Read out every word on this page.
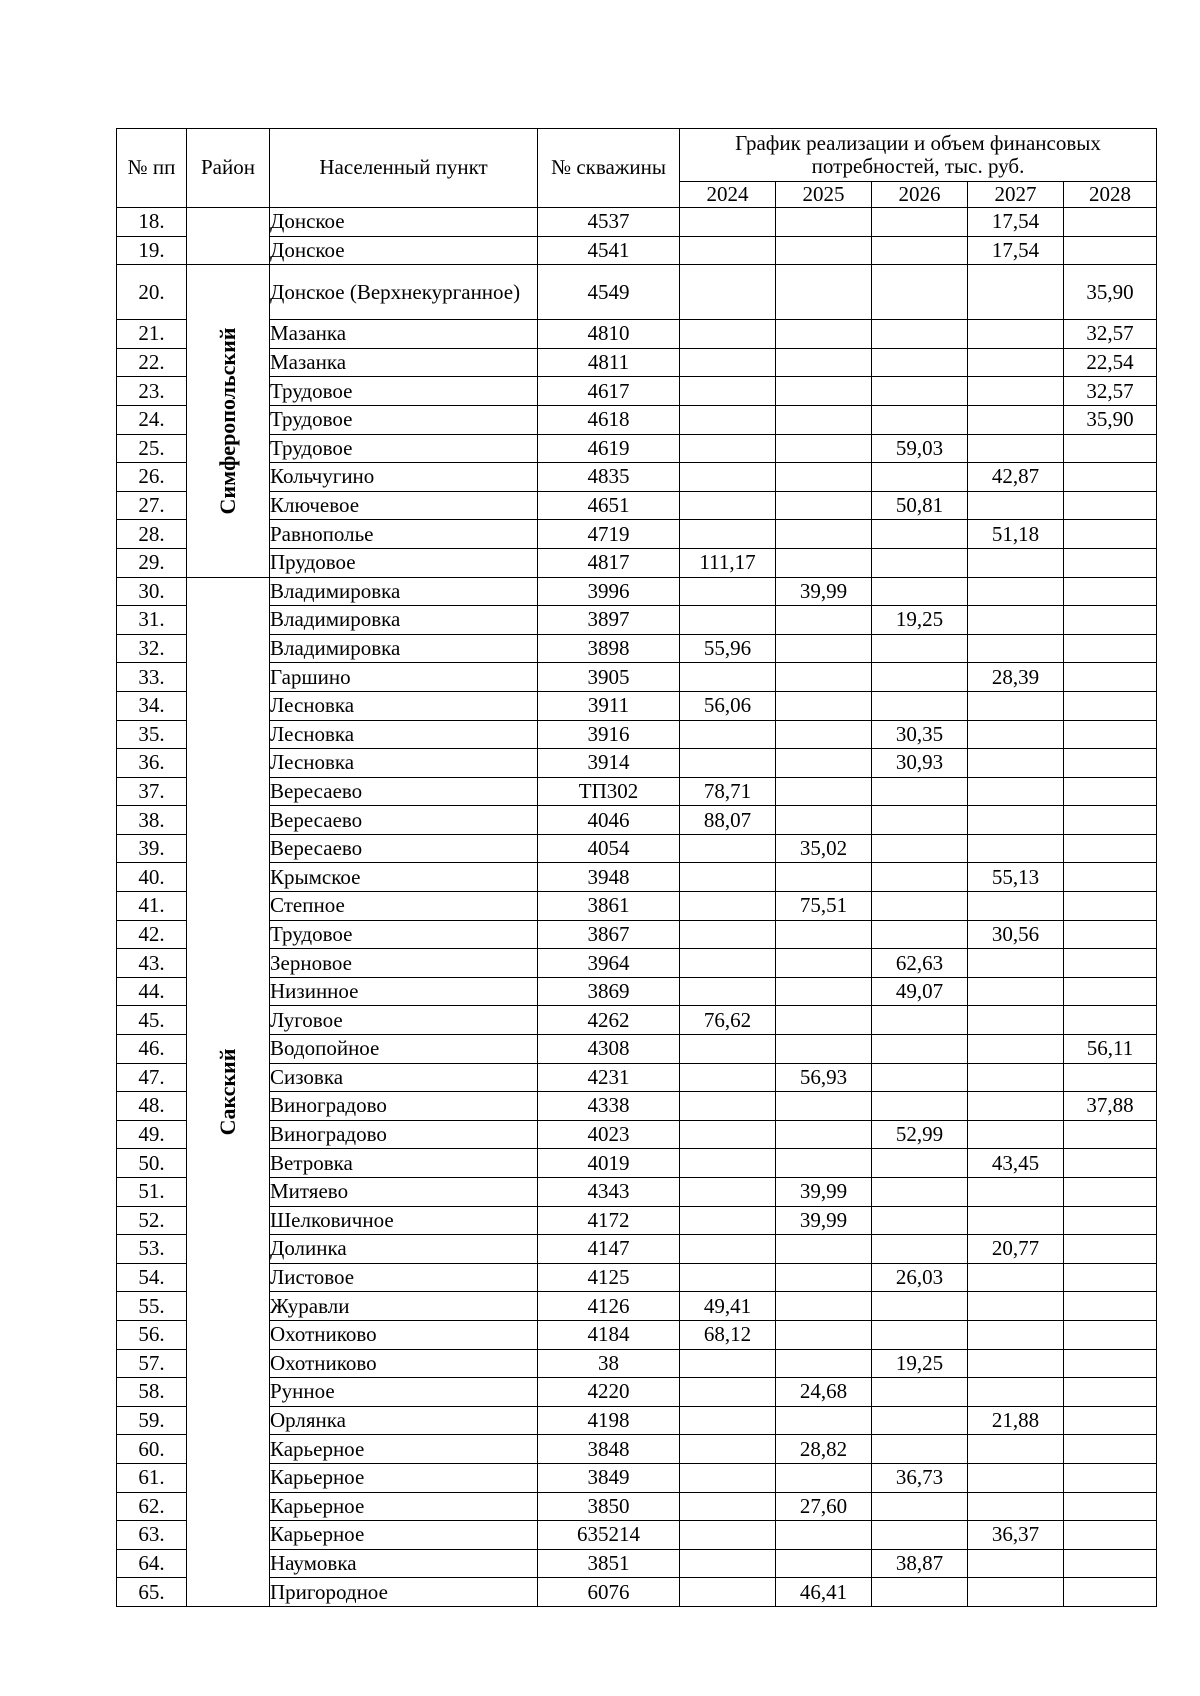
№ пп	Район	Населенный пункт	№ скважины	График реализации и объем финансовых потребностей, тыс. руб.				
				2024	2025	2026	2027	2028
18.		Донское	4537				17,54	
19.		Донское	4541				17,54	
20.	Симферопольский	Донское (Верхнекурганное)	4549					35,90
21.		Мазанка	4810					32,57
22.		Мазанка	4811					22,54
23.		Трудовое	4617					32,57
24.		Трудовое	4618					35,90
25.		Трудовое	4619			59,03		
26.		Кольчугино	4835				42,87	
27.		Ключевое	4651			50,81		
28.		Равнополье	4719				51,18	
29.		Прудовое	4817	111,17				
30.	Сакский	Владимировка	3996		39,99			
31.		Владимировка	3897			19,25		
32.		Владимировка	3898	55,96				
33.		Гаршино	3905				28,39	
34.		Лесновка	3911	56,06				
35.		Лесновка	3916			30,35		
36.		Лесновка	3914			30,93		
37.		Вересаево	ТП302	78,71				
38.		Вересаево	4046	88,07				
39.		Вересаево	4054		35,02			
40.		Крымское	3948				55,13	
41.		Степное	3861		75,51			
42.		Трудовое	3867				30,56	
43.		Зерновое	3964			62,63		
44.		Низинное	3869			49,07		
45.		Луговое	4262	76,62				
46.		Водопойное	4308					56,11
47.		Сизовка	4231		56,93			
48.		Виноградово	4338					37,88
49.		Виноградово	4023			52,99		
50.		Ветровка	4019				43,45	
51.		Митяево	4343		39,99			
52.		Шелковичное	4172		39,99			
53.		Долинка	4147				20,77	
54.		Листовое	4125			26,03		
55.		Журавли	4126	49,41				
56.		Охотниково	4184	68,12				
57.		Охотниково	38			19,25		
58.		Рунное	4220		24,68			
59.		Орлянка	4198				21,88	
60.		Карьерное	3848		28,82			
61.		Карьерное	3849			36,73		
62.		Карьерное	3850		27,60			
63.		Карьерное	635214				36,37	
64.		Наумовка	3851			38,87		
65.		Пригородное	6076		46,41			
